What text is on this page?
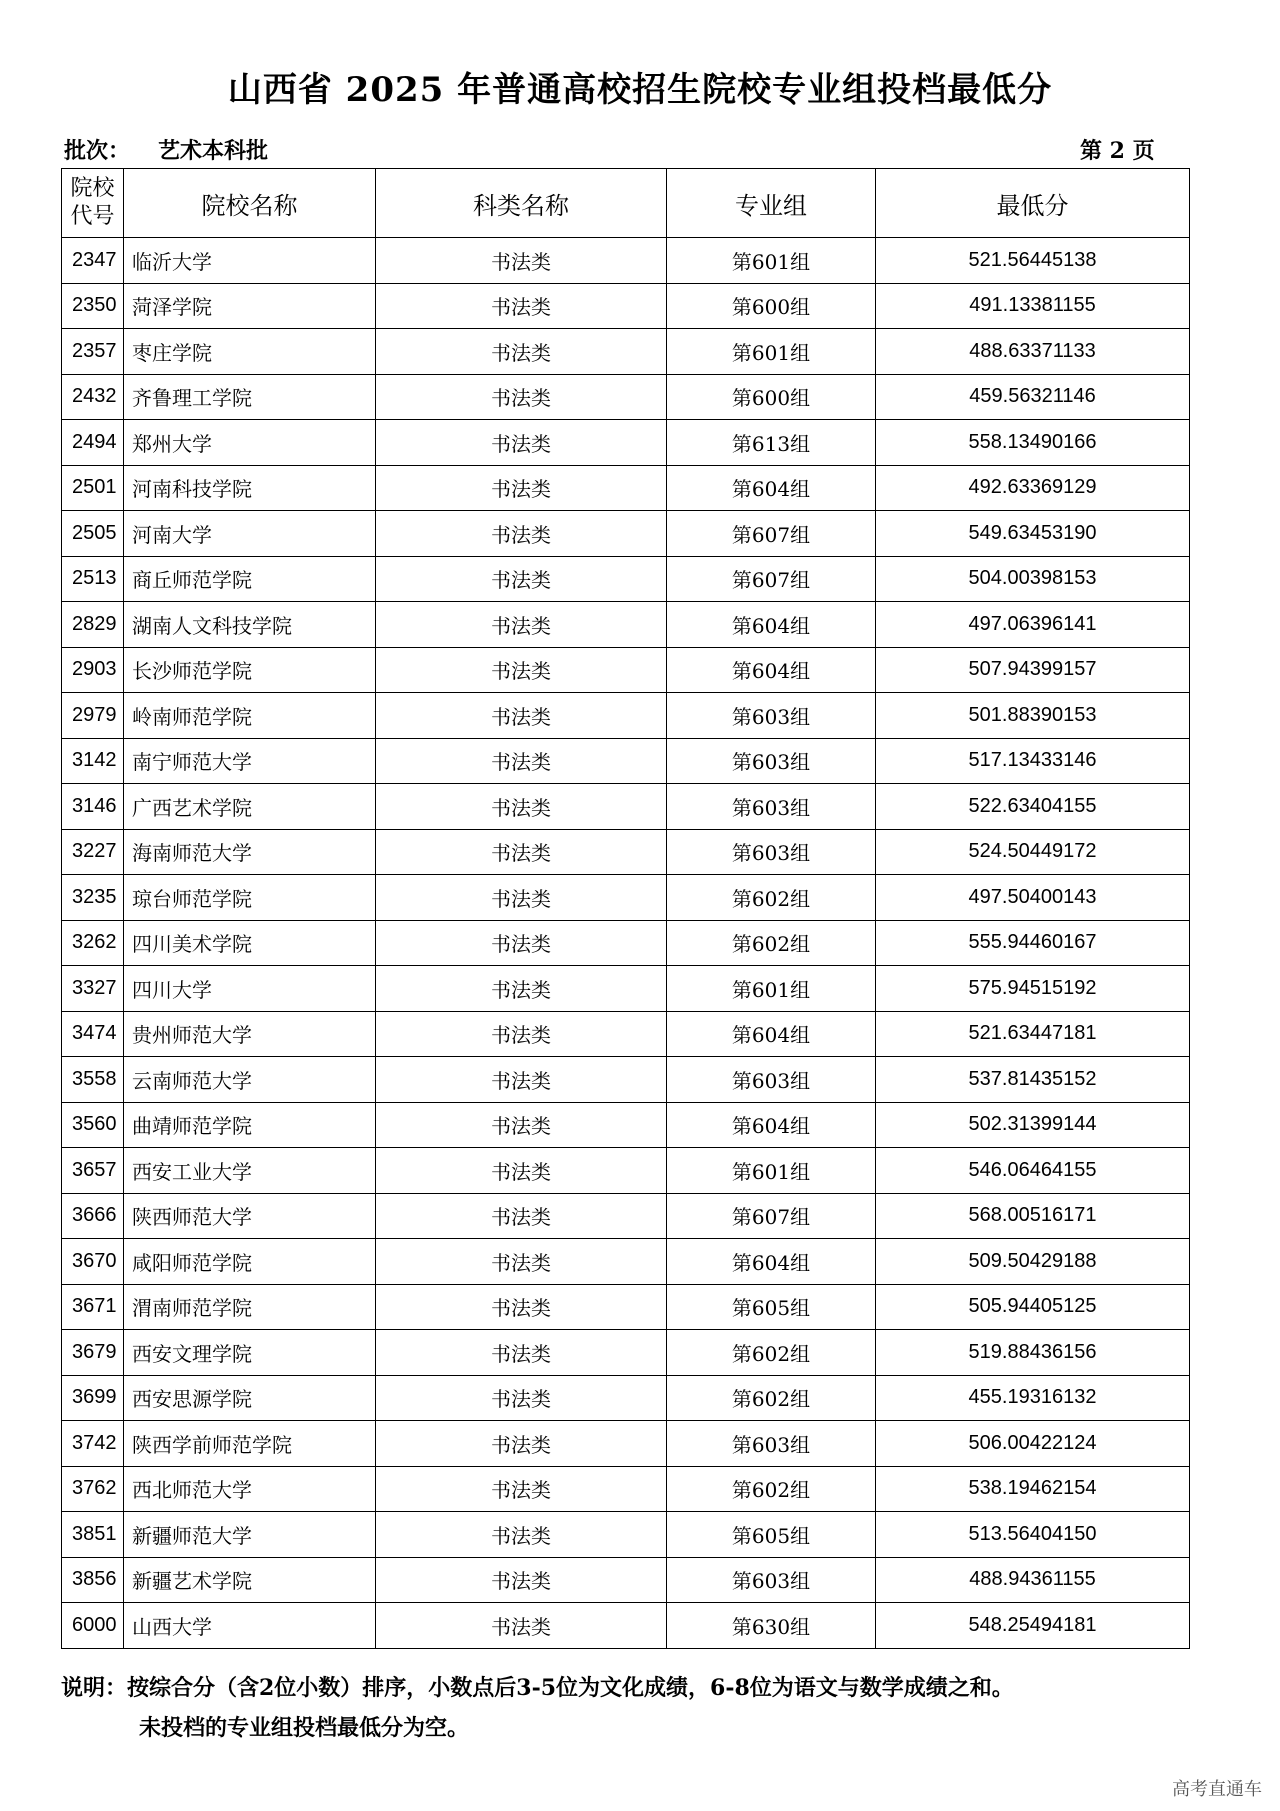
山西省 2025 年普通高校招生院校专业组投档最低分
批次： 艺术本科批	第 2 页
院校
代号	院校名称	科类名称	专业组	最低分
2347	临沂大学	书法类	第601组	521.56445138
2350	菏泽学院	书法类	第600组	491.13381155
2357	枣庄学院	书法类	第601组	488.63371133
2432	齐鲁理工学院	书法类	第600组	459.56321146
2494	郑州大学	书法类	第613组	558.13490166
2501	河南科技学院	书法类	第604组	492.63369129
2505	河南大学	书法类	第607组	549.63453190
2513	商丘师范学院	书法类	第607组	504.00398153
2829	湖南人文科技学院	书法类	第604组	497.06396141
2903	长沙师范学院	书法类	第604组	507.94399157
2979	岭南师范学院	书法类	第603组	501.88390153
3142	南宁师范大学	书法类	第603组	517.13433146
3146	广西艺术学院	书法类	第603组	522.63404155
3227	海南师范大学	书法类	第603组	524.50449172
3235	琼台师范学院	书法类	第602组	497.50400143
3262	四川美术学院	书法类	第602组	555.94460167
3327	四川大学	书法类	第601组	575.94515192
3474	贵州师范大学	书法类	第604组	521.63447181
3558	云南师范大学	书法类	第603组	537.81435152
3560	曲靖师范学院	书法类	第604组	502.31399144
3657	西安工业大学	书法类	第601组	546.06464155
3666	陕西师范大学	书法类	第607组	568.00516171
3670	咸阳师范学院	书法类	第604组	509.50429188
3671	渭南师范学院	书法类	第605组	505.94405125
3679	西安文理学院	书法类	第602组	519.88436156
3699	西安思源学院	书法类	第602组	455.19316132
3742	陕西学前师范学院	书法类	第603组	506.00422124
3762	西北师范大学	书法类	第602组	538.19462154
3851	新疆师范大学	书法类	第605组	513.56404150
3856	新疆艺术学院	书法类	第603组	488.94361155
6000	山西大学	书法类	第630组	548.25494181
说明：按综合分（含2位小数）排序，小数点后3-5位为文化成绩，6-8位为语文与数学成绩之和。
未投档的专业组投档最低分为空。
高考直通车
